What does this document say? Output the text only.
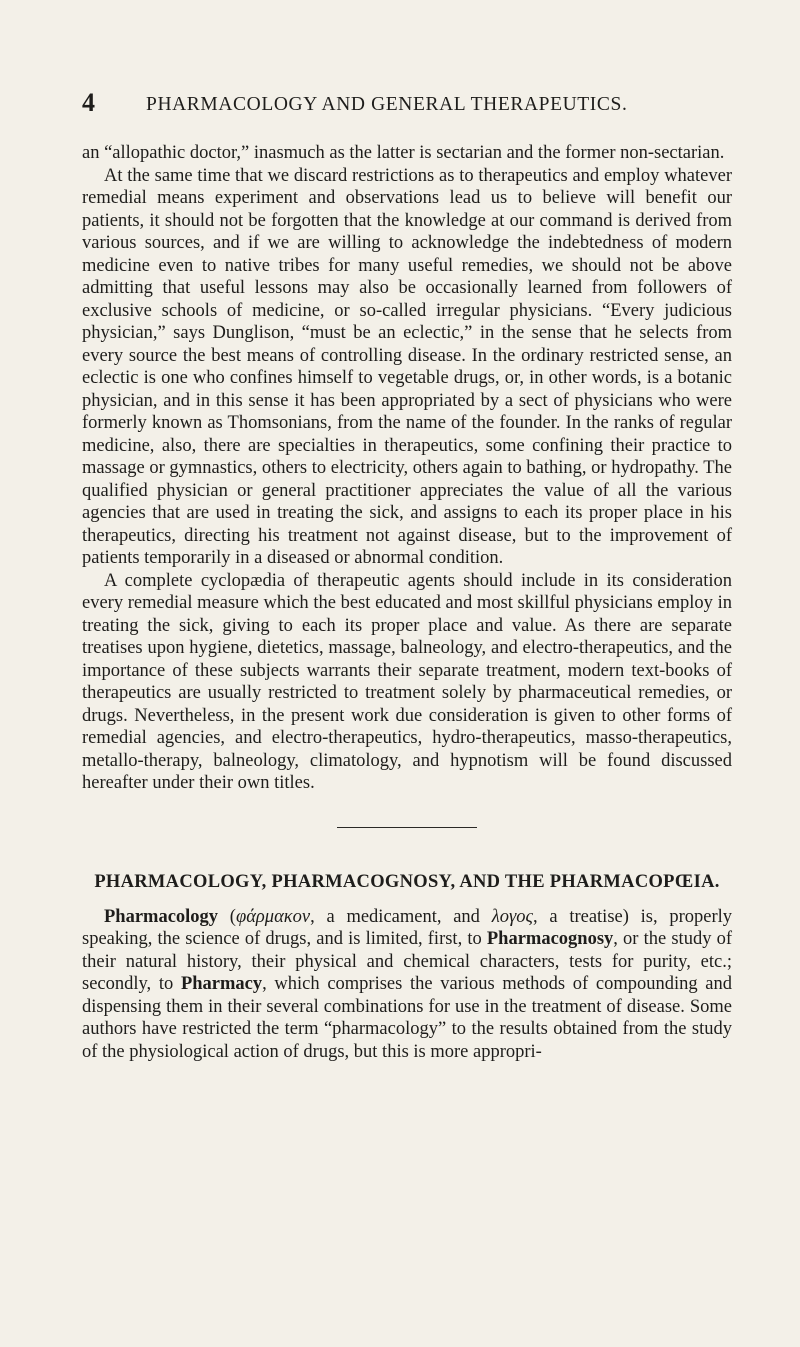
4	PHARMACOLOGY AND GENERAL THERAPEUTICS.

an “allopathic doctor,” inasmuch as the latter is sectarian and the former non-sectarian.

At the same time that we discard restrictions as to therapeutics and employ whatever remedial means experiment and observations lead us to believe will benefit our patients, it should not be forgotten that the knowledge at our command is derived from various sources, and if we are willing to acknowledge the indebtedness of modern medicine even to native tribes for many useful remedies, we should not be above admitting that useful lessons may also be occasionally learned from followers of exclusive schools of medicine, or so-called irregular physicians. “Every judicious physician,” says Dunglison, “must be an eclectic,” in the sense that he selects from every source the best means of controlling disease. In the ordinary restricted sense, an eclectic is one who confines himself to vegetable drugs, or, in other words, is a botanic physician, and in this sense it has been appropriated by a sect of physicians who were formerly known as Thomsonians, from the name of the founder. In the ranks of regular medicine, also, there are specialties in therapeutics, some confining their practice to massage or gymnastics, others to electricity, others again to bathing, or hydropathy. The qualified physician or general practitioner appreciates the value of all the various agencies that are used in treating the sick, and assigns to each its proper place in his therapeutics, directing his treatment not against disease, but to the improvement of patients temporarily in a diseased or abnormal condition.

A complete cyclopædia of therapeutic agents should include in its consideration every remedial measure which the best educated and most skillful physicians employ in treating the sick, giving to each its proper place and value. As there are separate treatises upon hygiene, dietetics, massage, balneology, and electro-therapeutics, and the importance of these subjects warrants their separate treatment, modern text-books of therapeutics are usually restricted to treatment solely by pharmaceutical remedies, or drugs. Nevertheless, in the present work due consideration is given to other forms of remedial agencies, and electro-therapeutics, hydro-therapeutics, masso-therapeutics, metallo-therapy, balneology, climatology, and hypnotism will be found discussed hereafter under their own titles.

PHARMACOLOGY, PHARMACOGNOSY, AND THE PHARMACOPŒIA.

Pharmacology (φάρμακον, a medicament, and λογος, a treatise) is, properly speaking, the science of drugs, and is limited, first, to Pharmacognosy, or the study of their natural history, their physical and chemical characters, tests for purity, etc.; secondly, to Pharmacy, which comprises the various methods of compounding and dispensing them in their several combinations for use in the treatment of disease. Some authors have restricted the term “pharmacology” to the results obtained from the study of the physiological action of drugs, but this is more appropri-
